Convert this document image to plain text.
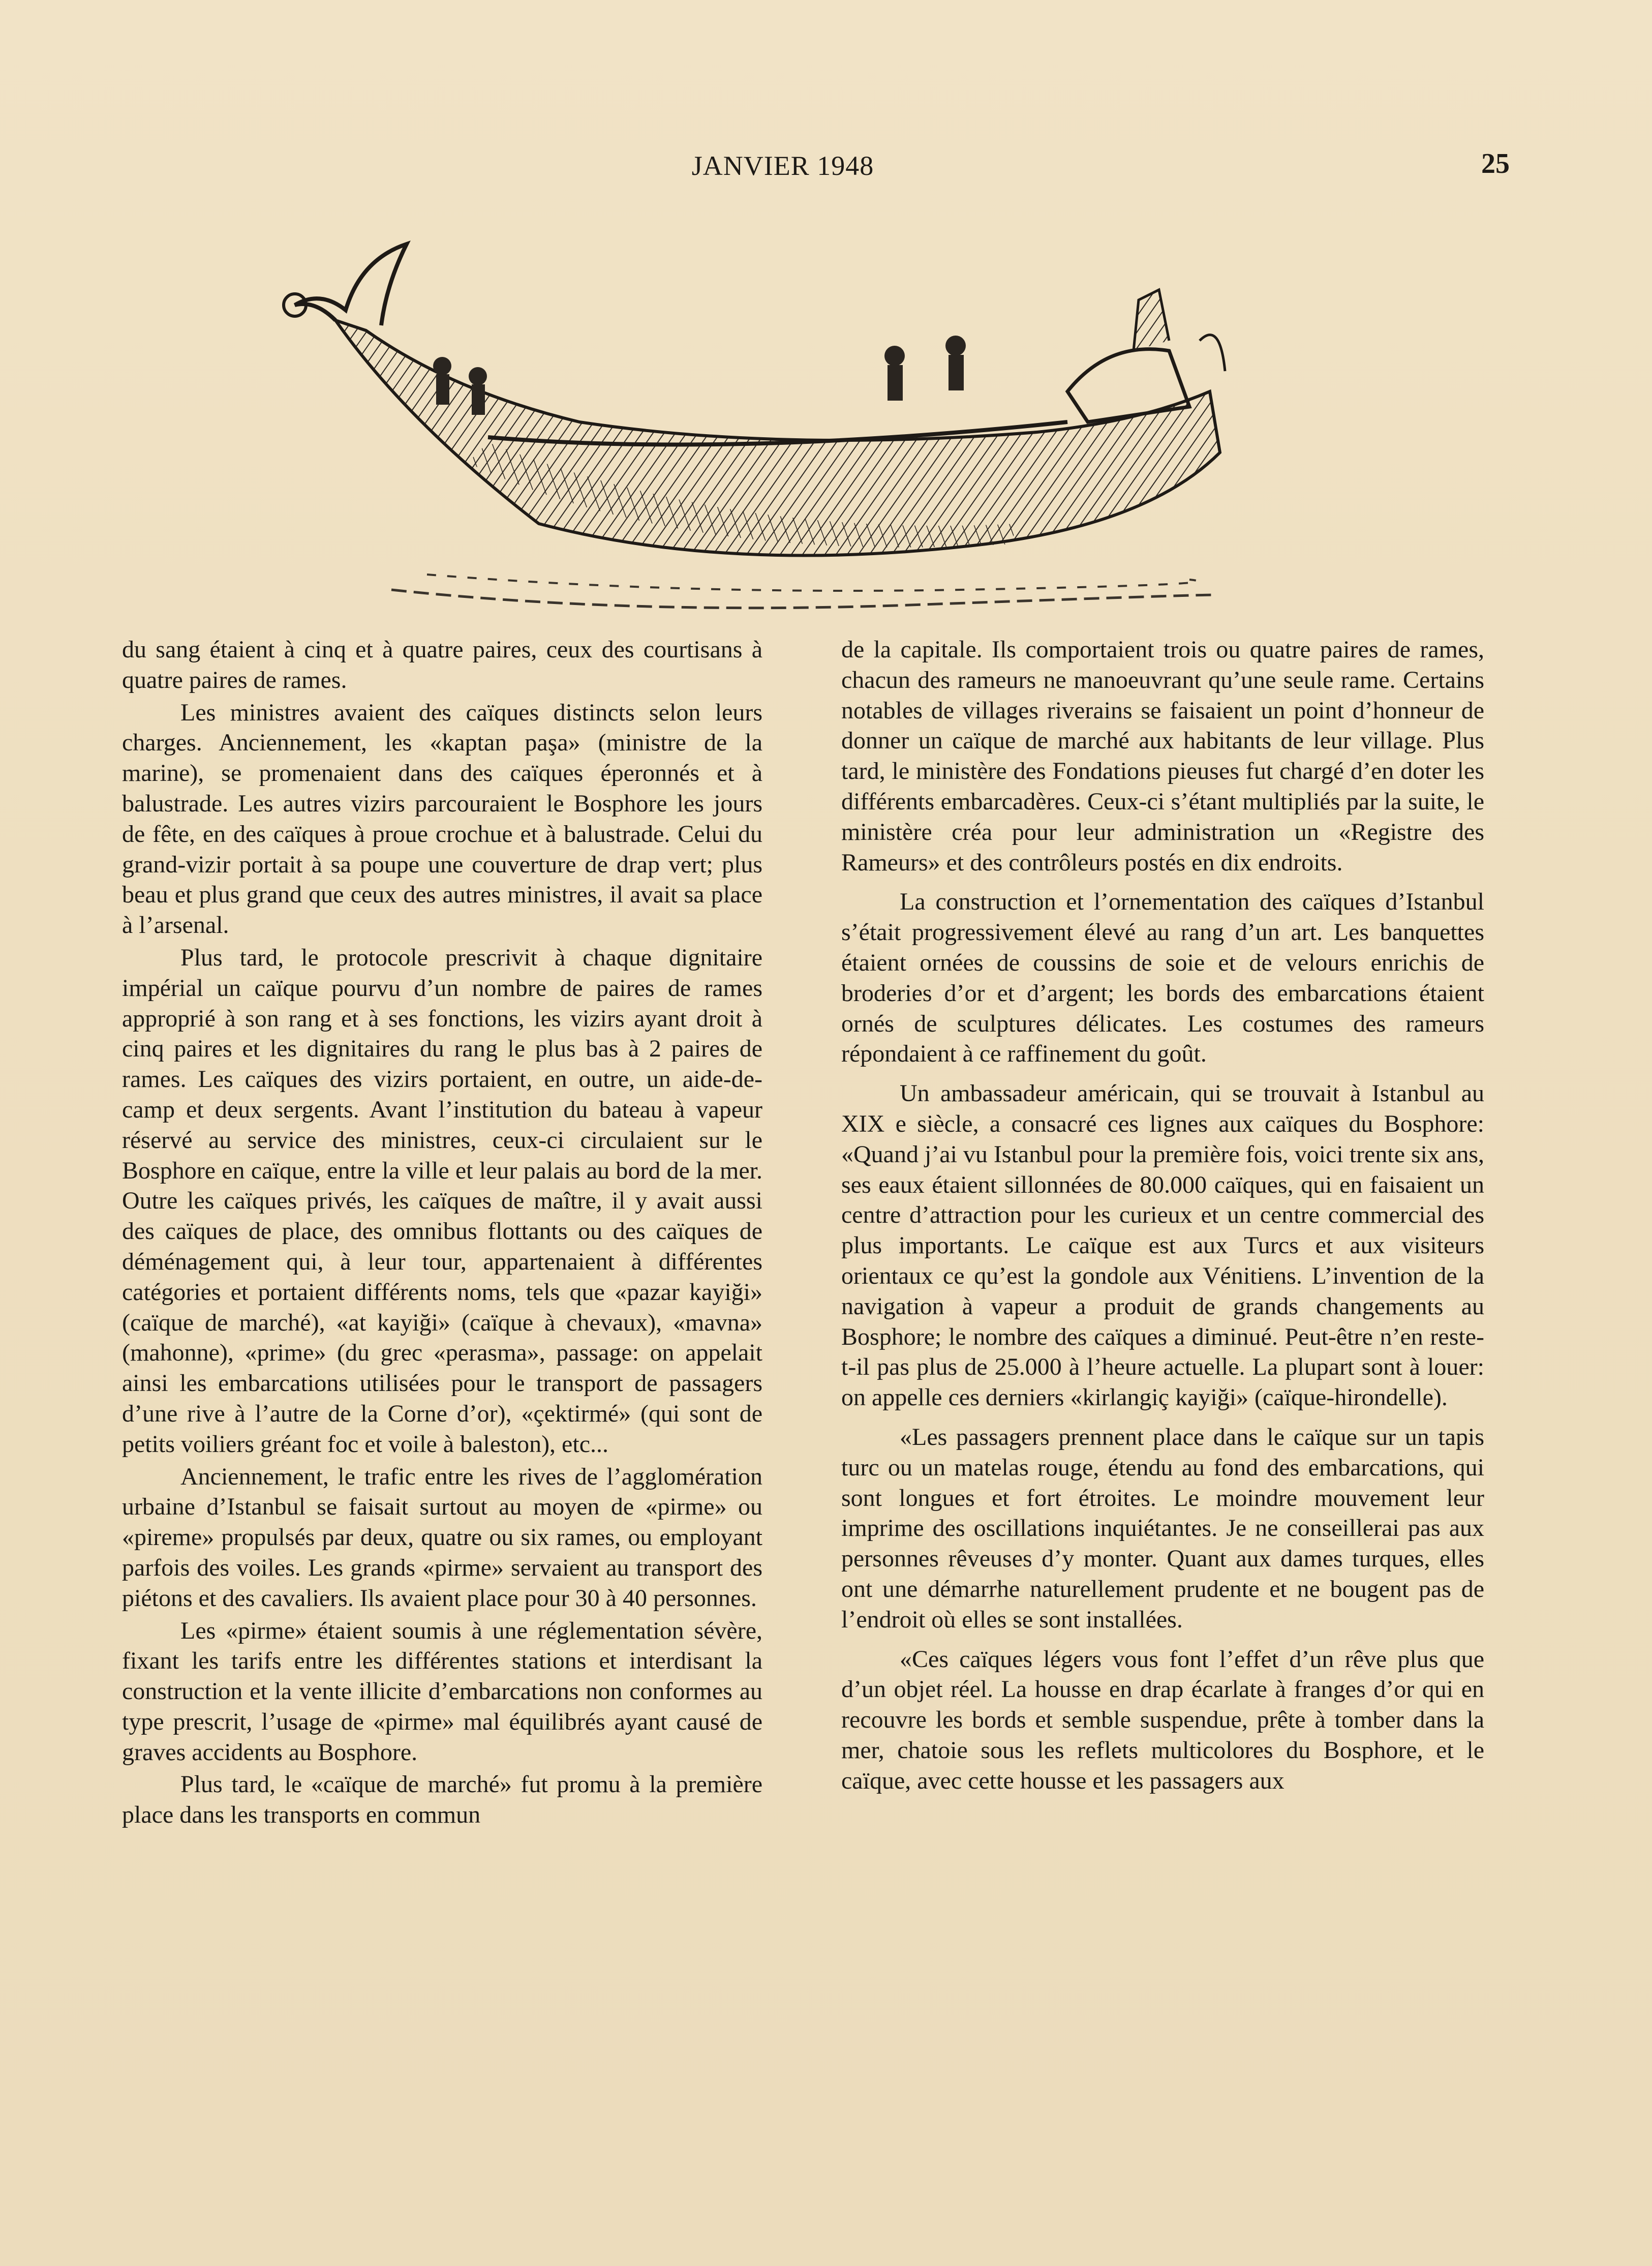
JANVIER 1948	25

du sang étaient à cinq et à quatre paires, ceux des courtisans à quatre paires de rames.

Les ministres avaient des caïques distincts selon leurs charges. Anciennement, les «kaptan paşa» (ministre de la marine), se promenaient dans des caïques éperonnés et à balustrade. Les autres vizirs parcouraient le Bosphore les jours de fête, en des caïques à proue crochue et à balustrade. Celui du grand-vizir portait à sa poupe une couverture de drap vert; plus beau et plus grand que ceux des autres ministres, il avait sa place à l’arsenal.

Plus tard, le protocole prescrivit à chaque dignitaire impérial un caïque pourvu d’un nombre de paires de rames approprié à son rang et à ses fonctions, les vizirs ayant droit à cinq paires et les dignitaires du rang le plus bas à 2 paires de rames. Les caïques des vizirs portaient, en outre, un aide-de-camp et deux sergents. Avant l’institution du bateau à vapeur réservé au service des ministres, ceux-ci circulaient sur le Bosphore en caïque, entre la ville et leur palais au bord de la mer. Outre les caïques privés, les caïques de maître, il y avait aussi des caïques de place, des omnibus flottants ou des caïques de déménagement qui, à leur tour, appartenaient à différentes catégories et portaient différents noms, tels que «pazar kayiği» (caïque de marché), «at kayiği» (caïque à chevaux), «mavna» (mahonne), «prime» (du grec «perasma», passage: on appelait ainsi les embarcations utilisées pour le transport de passagers d’une rive à l’autre de la Corne d’or), «çektirmé» (qui sont de petits voiliers gréant foc et voile à baleston), etc...

Anciennement, le trafic entre les rives de l’agglomération urbaine d’Istanbul se faisait surtout au moyen de «pirme» ou «pireme» propulsés par deux, quatre ou six rames, ou employant parfois des voiles. Les grands «pirme» servaient au transport des piétons et des cavaliers. Ils avaient place pour 30 à 40 personnes.

Les «pirme» étaient soumis à une réglementation sévère, fixant les tarifs entre les différentes stations et interdisant la construction et la vente illicite d’embarcations non conformes au type prescrit, l’usage de «pirme» mal équilibrés ayant causé de graves accidents au Bosphore.

Plus tard, le «caïque de marché» fut promu à la première place dans les transports en commun

de la capitale. Ils comportaient trois ou quatre paires de rames, chacun des rameurs ne manoeuvrant qu’une seule rame. Certains notables de villages riverains se faisaient un point d’honneur de donner un caïque de marché aux habitants de leur village. Plus tard, le ministère des Fondations pieuses fut chargé d’en doter les différents embarcadères. Ceux-ci s’étant multipliés par la suite, le ministère créa pour leur administration un «Registre des Rameurs» et des contrôleurs postés en dix endroits.

La construction et l’ornementation des caïques d’Istanbul s’était progressivement élevé au rang d’un art. Les banquettes étaient ornées de coussins de soie et de velours enrichis de broderies d’or et d’argent; les bords des embarcations étaient ornés de sculptures délicates. Les costumes des rameurs répondaient à ce raffinement du goût.

Un ambassadeur américain, qui se trouvait à Istanbul au XIX e siècle, a consacré ces lignes aux caïques du Bosphore: «Quand j’ai vu Istanbul pour la première fois, voici trente six ans, ses eaux étaient sillonnées de 80.000 caïques, qui en faisaient un centre d’attraction pour les curieux et un centre commercial des plus importants. Le caïque est aux Turcs et aux visiteurs orientaux ce qu’est la gondole aux Vénitiens. L’invention de la navigation à vapeur a produit de grands changements au Bosphore; le nombre des caïques a diminué. Peut-être n’en reste-t-il pas plus de 25.000 à l’heure actuelle. La plupart sont à louer: on appelle ces derniers «kirlangiç kayiği» (caïque-hirondelle).

«Les passagers prennent place dans le caïque sur un tapis turc ou un matelas rouge, étendu au fond des embarcations, qui sont longues et fort étroites. Le moindre mouvement leur imprime des oscillations inquiétantes. Je ne conseillerai pas aux personnes rêveuses d’y monter. Quant aux dames turques, elles ont une démarrhe naturellement prudente et ne bougent pas de l’endroit où elles se sont installées.

«Ces caïques légers vous font l’effet d’un rêve plus que d’un objet réel. La housse en drap écarlate à franges d’or qui en recouvre les bords et semble suspendue, prête à tomber dans la mer, chatoie sous les reflets multicolores du Bosphore, et le caïque, avec cette housse et les passagers aux
